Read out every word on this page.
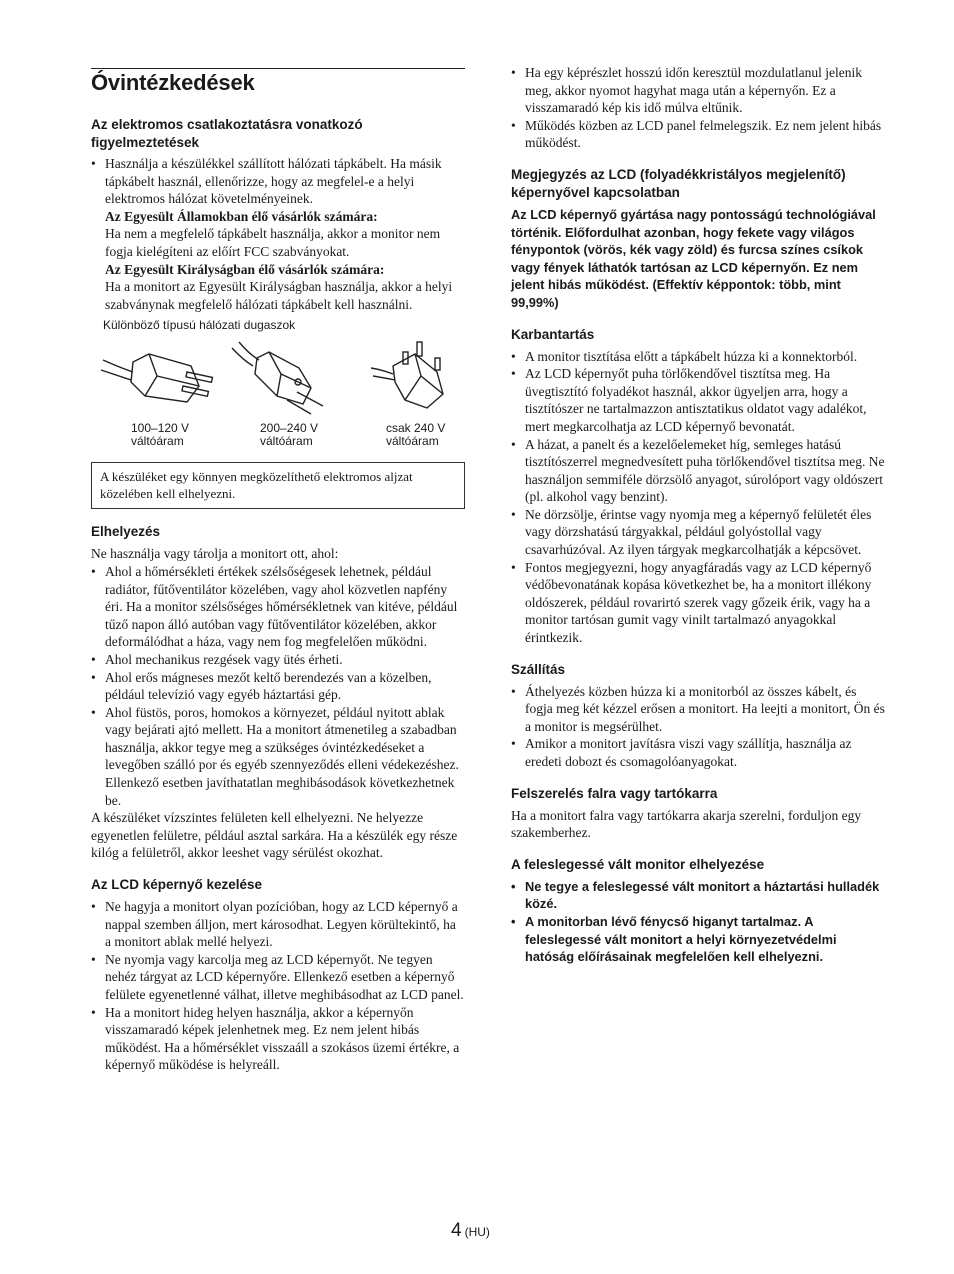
Óvintézkedések
Az elektromos csatlakoztatásra vonatkozó figyelmeztetések
• Használja a készülékkel szállított hálózati tápkábelt. Ha másik tápkábelt használ, ellenőrizze, hogy az megfelel-e a helyi elektromos hálózat követelményeinek.
Az Egyesült Államokban élő vásárlók számára:
Ha nem a megfelelő tápkábelt használja, akkor a monitor nem fogja kielégíteni az előírt FCC szabványokat.
Az Egyesült Királyságban élő vásárlók számára:
Ha a monitort az Egyesült Királyságban használja, akkor a helyi szabványnak megfelelő hálózati tápkábelt kell használni.

Különböző típusú hálózati dugaszok

100–120 V
váltóáram
200–240 V
váltóáram
csak 240 V
váltóáram
A készüléket egy könnyen megközelíthető elektromos aljzat közelében kell elhelyezni.
Elhelyezés

Ne használja vagy tárolja a monitort ott, ahol:

• Ahol a hőmérsékleti értékek szélsőségesek lehetnek, például radiátor, fűtőventilátor közelében, vagy ahol közvetlen napfény éri. Ha a monitor szélsőséges hőmérsékletnek van kitéve, például tűző napon álló autóban vagy fűtőventilátor közelében, akkor deformálódhat a háza, vagy nem fog megfelelően működni.
• Ahol mechanikus rezgések vagy ütés érheti.
• Ahol erős mágneses mezőt keltő berendezés van a közelben, például televízió vagy egyéb háztartási gép.
• Ahol füstös, poros, homokos a környezet, például nyitott ablak vagy bejárati ajtó mellett. Ha a monitort átmenetileg a szabadban használja, akkor tegye meg a szükséges óvintézkedéseket a levegőben szálló por és egyéb szennyeződés elleni védekezéshez. Ellenkező esetben javíthatatlan meghibásodások következhetnek be.

A készüléket vízszintes felületen kell elhelyezni. Ne helyezze egyenetlen felületre, például asztal sarkára. Ha a készülék egy része kilóg a felületről, akkor leeshet vagy sérülést okozhat.

Az LCD képernyő kezelése
• Ne hagyja a monitort olyan pozícióban, hogy az LCD képernyő a nappal szemben álljon, mert károsodhat. Legyen körültekintő, ha a monitort ablak mellé helyezi.
• Ne nyomja vagy karcolja meg az LCD képernyőt. Ne tegyen nehéz tárgyat az LCD képernyőre. Ellenkező esetben a képernyő felülete egyenetlenné válhat, illetve meghibásodhat az LCD panel.
• Ha a monitort hideg helyen használja, akkor a képernyőn visszamaradó képek jelenhetnek meg. Ez nem jelent hibás működést. Ha a hőmérséklet visszaáll a szokásos üzemi értékre, a képernyő működése is helyreáll.
• Ha egy képrészlet hosszú időn keresztül mozdulatlanul jelenik meg, akkor nyomot hagyhat maga után a képernyőn. Ez a visszamaradó kép kis idő múlva eltűnik.
• Működés közben az LCD panel felmelegszik. Ez nem jelent hibás működést.
Megjegyzés az LCD (folyadékkristályos megjelenítő) képernyővel kapcsolatban

Az LCD képernyő gyártása nagy pontosságú technológiával történik. Előfordulhat azonban, hogy fekete vagy világos fénypontok (vörös, kék vagy zöld) és furcsa színes csíkok vagy fények láthatók tartósan az LCD képernyőn. Ez nem jelent hibás működést. (Effektív képpontok: több, mint 99,99%)

Karbantartás
• A monitor tisztítása előtt a tápkábelt húzza ki a konnektorból.
• Az LCD képernyőt puha törlőkendővel tisztítsa meg. Ha üvegtisztító folyadékot használ, akkor ügyeljen arra, hogy a tisztítószer ne tartalmazzon antisztatikus oldatot vagy adalékot, mert megkarcolhatja az LCD képernyő bevonatát.
• A házat, a panelt és a kezelőelemeket híg, semleges hatású tisztítószerrel megnedvesített puha törlőkendővel tisztítsa meg. Ne használjon semmiféle dörzsölő anyagot, súrolóport vagy oldószert (pl. alkohol vagy benzint).
• Ne dörzsölje, érintse vagy nyomja meg a képernyő felületét éles vagy dörzshatású tárgyakkal, például golyóstollal vagy csavarhúzóval. Az ilyen tárgyak megkarcolhatják a képcsövet.
• Fontos megjegyezni, hogy anyagfáradás vagy az LCD képernyő védőbevonatának kopása következhet be, ha a monitort illékony oldószerek, például rovarirtó szerek vagy gőzeik érik, vagy ha a monitor tartósan gumit vagy vinilt tartalmazó anyagokkal érintkezik.
Szállítás
• Áthelyezés közben húzza ki a monitorból az összes kábelt, és fogja meg két kézzel erősen a monitort. Ha leejti a monitort, Ön és a monitor is megsérülhet.
• Amikor a monitort javításra viszi vagy szállítja, használja az eredeti dobozt és csomagolóanyagokat.
Felszerelés falra vagy tartókarra

Ha a monitort falra vagy tartókarra akarja szerelni, forduljon egy szakemberhez.

A feleslegessé vált monitor elhelyezése
• Ne tegye a feleslegessé vált monitort a háztartási hulladék közé.
• A monitorban lévő fénycső higanyt tartalmaz. A feleslegessé vált monitort a helyi környezetvédelmi hatóság előírásainak megfelelően kell elhelyezni.
4 (HU)
